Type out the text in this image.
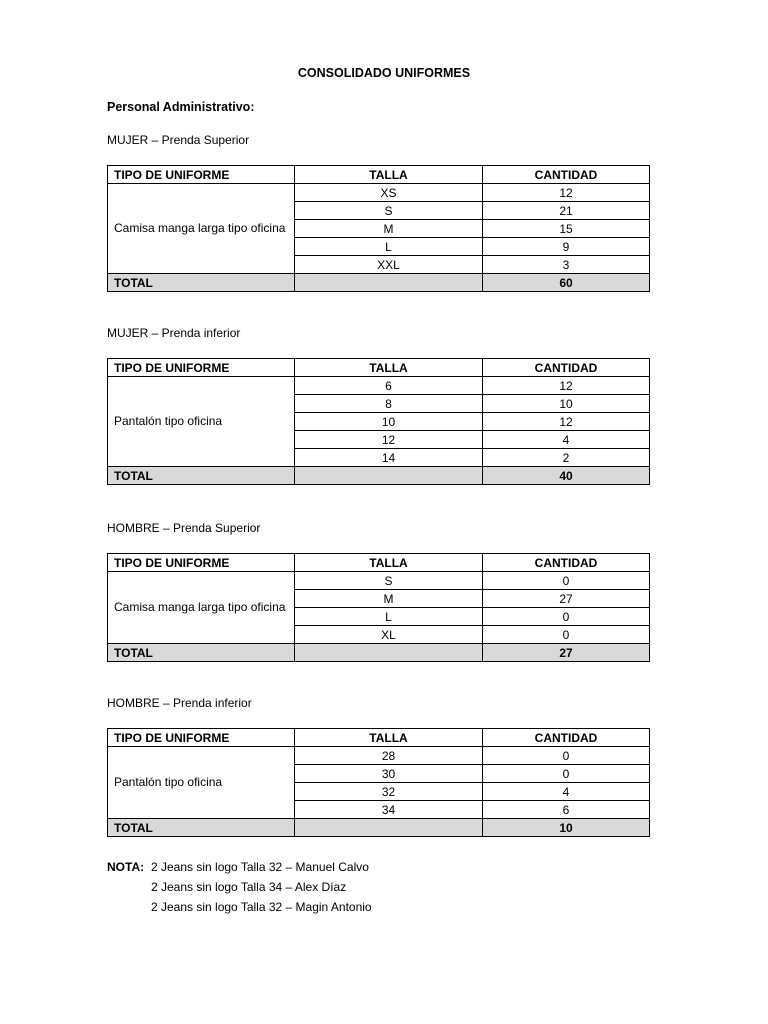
CONSOLIDADO UNIFORMES
Personal Administrativo:
MUJER – Prenda Superior
TIPO DE UNIFORME	TALLA	CANTIDAD
Camisa manga larga tipo oficina	XS	12
	S	21
	M	15
	L	9
	XXL	3
TOTAL		60
MUJER – Prenda inferior
TIPO DE UNIFORME	TALLA	CANTIDAD
Pantalón tipo oficina	6	12
	8	10
	10	12
	12	4
	14	2
TOTAL		40
HOMBRE – Prenda Superior
TIPO DE UNIFORME	TALLA	CANTIDAD
Camisa manga larga tipo oficina	S	0
	M	27
	L	0
	XL	0
TOTAL		27
HOMBRE – Prenda inferior
TIPO DE UNIFORME	TALLA	CANTIDAD
Pantalón tipo oficina	28	0
	30	0
	32	4
	34	6
TOTAL		10
NOTA: 2 Jeans sin logo Talla 32 – Manuel Calvo
2 Jeans sin logo Talla 34 – Alex Díaz
2 Jeans sin logo Talla 32 – Magin Antonio
